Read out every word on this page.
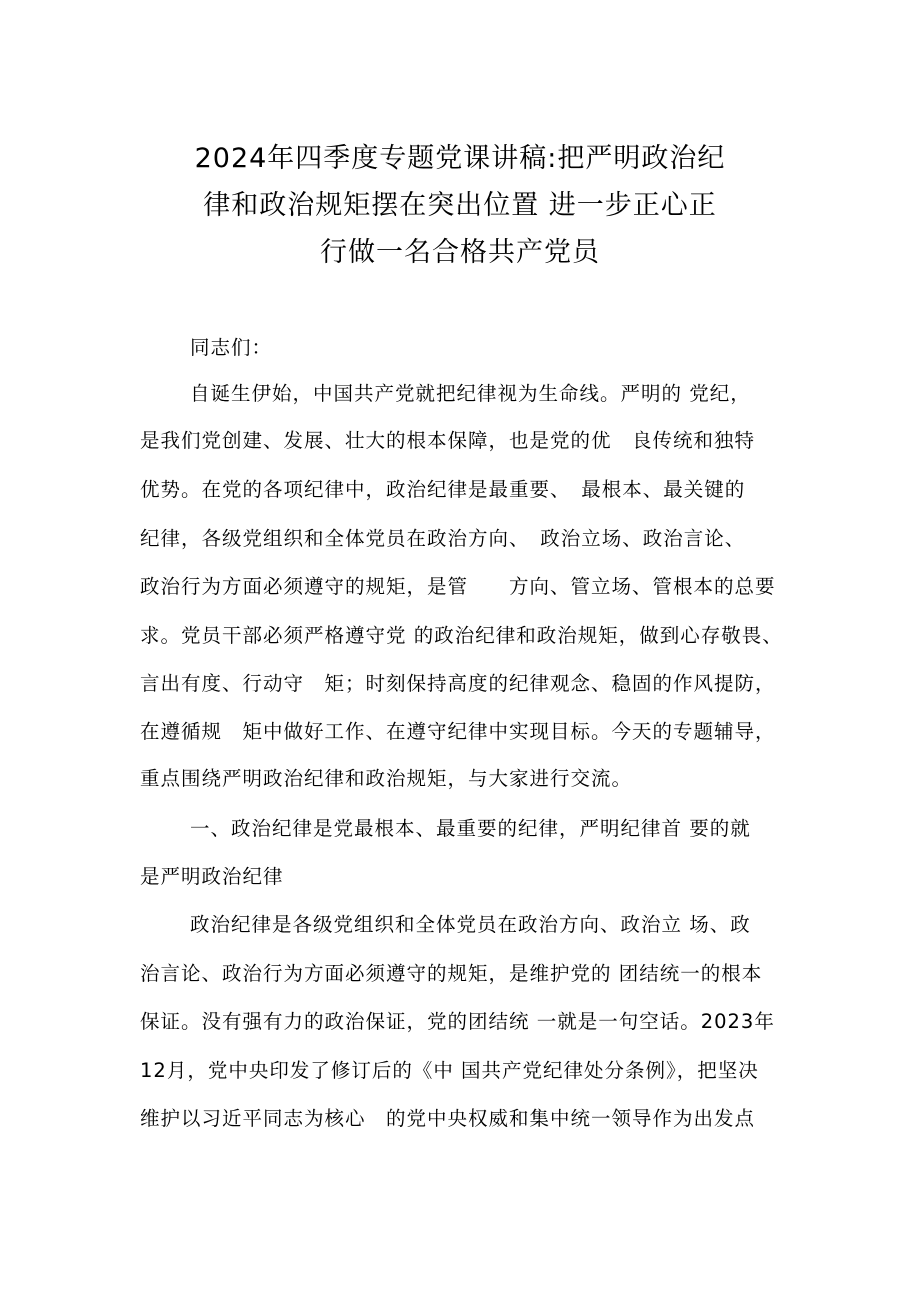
2024年四季度专题党课讲稿:把严明政治纪
律和政治规矩摆在突出位置 进一步正心正
行做一名合格共产党员
同志们：
自诞生伊始，中国共产党就把纪律视为生命线。严明的 党纪，
是我们党创建、发展、壮大的根本保障，也是党的优　良传统和独特
优势。在党的各项纪律中，政治纪律是最重要、　最根本、最关键的
纪律，各级党组织和全体党员在政治方向、　政治立场、政治言论、
政治行为方面必须遵守的规矩，是管　　方向、管立场、管根本的总要
求。党员干部必须严格遵守党 的政治纪律和政治规矩，做到心存敬畏、
言出有度、行动守　矩；时刻保持高度的纪律观念、稳固的作风提防，
在遵循规　矩中做好工作、在遵守纪律中实现目标。今天的专题辅导，
重点围绕严明政治纪律和政治规矩，与大家进行交流。
一、政治纪律是党最根本、最重要的纪律，严明纪律首 要的就
是严明政治纪律
政治纪律是各级党组织和全体党员在政治方向、政治立 场、政
治言论、政治行为方面必须遵守的规矩，是维护党的 团结统一的根本
保证。没有强有力的政治保证，党的团结统 一就是一句空话。2023年
12月，党中央印发了修订后的《中 国共产党纪律处分条例》，把坚决
维护以习近平同志为核心　的党中央权威和集中统一领导作为出发点
